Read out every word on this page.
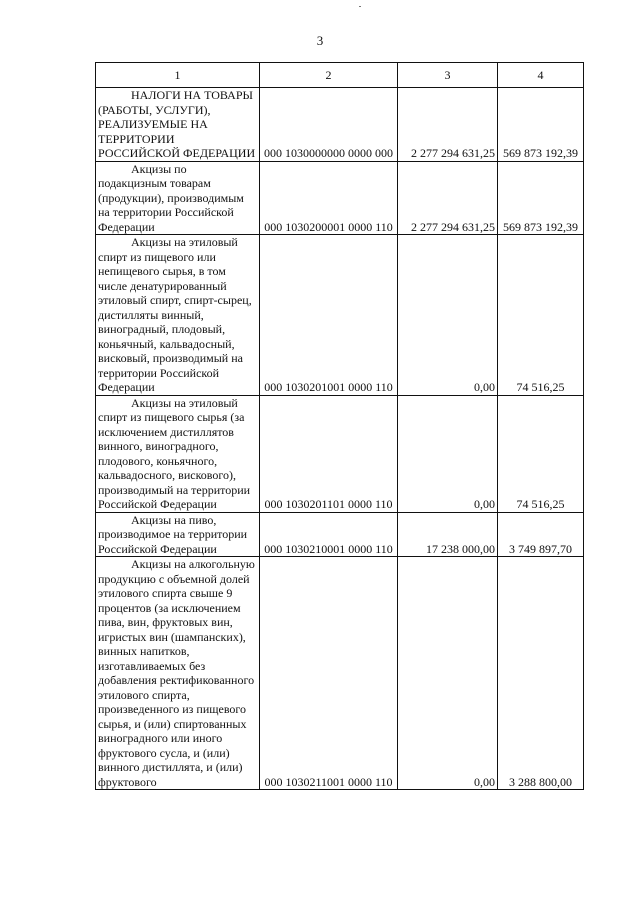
3
1	2	3	4

НАЛОГИ НА ТОВАРЫ (РАБОТЫ, УСЛУГИ), РЕАЛИЗУЕМЫЕ НА ТЕРРИТОРИИ РОССИЙСКОЙ ФЕДЕРАЦИИ	000 1030000000 0000 000	2 277 294 631,25	569 873 192,39

Акцизы по подакцизным товарам (продукции), производимым на территории Российской Федерации	000 1030200001 0000 110	2 277 294 631,25	569 873 192,39

Акцизы на этиловый спирт из пищевого или непищевого сырья, в том числе денатурированный этиловый спирт, спирт-сырец, дистилляты винный, виноградный, плодовый, коньячный, кальвадосный, висковый, производимый на территории Российской Федерации	000 1030201001 0000 110	0,00	74 516,25

Акцизы на этиловый спирт из пищевого сырья (за исключением дистиллятов винного, виноградного, плодового, коньячного, кальвадосного, вискового), производимый на территории Российской Федерации	000 1030201101 0000 110	0,00	74 516,25

Акцизы на пиво, производимое на территории Российской Федерации	000 1030210001 0000 110	17 238 000,00	3 749 897,70

Акцизы на алкогольную продукцию с объемной долей этилового спирта свыше 9 процентов (за исключением пива, вин, фруктовых вин, игристых вин (шампанских), винных напитков, изготавливаемых без добавления ректификованного этилового спирта, произведенного из пищевого сырья, и (или) спиртованных виноградного или иного фруктового сусла, и (или) винного дистиллята, и (или) фруктового	000 1030211001 0000 110	0,00	3 288 800,00
